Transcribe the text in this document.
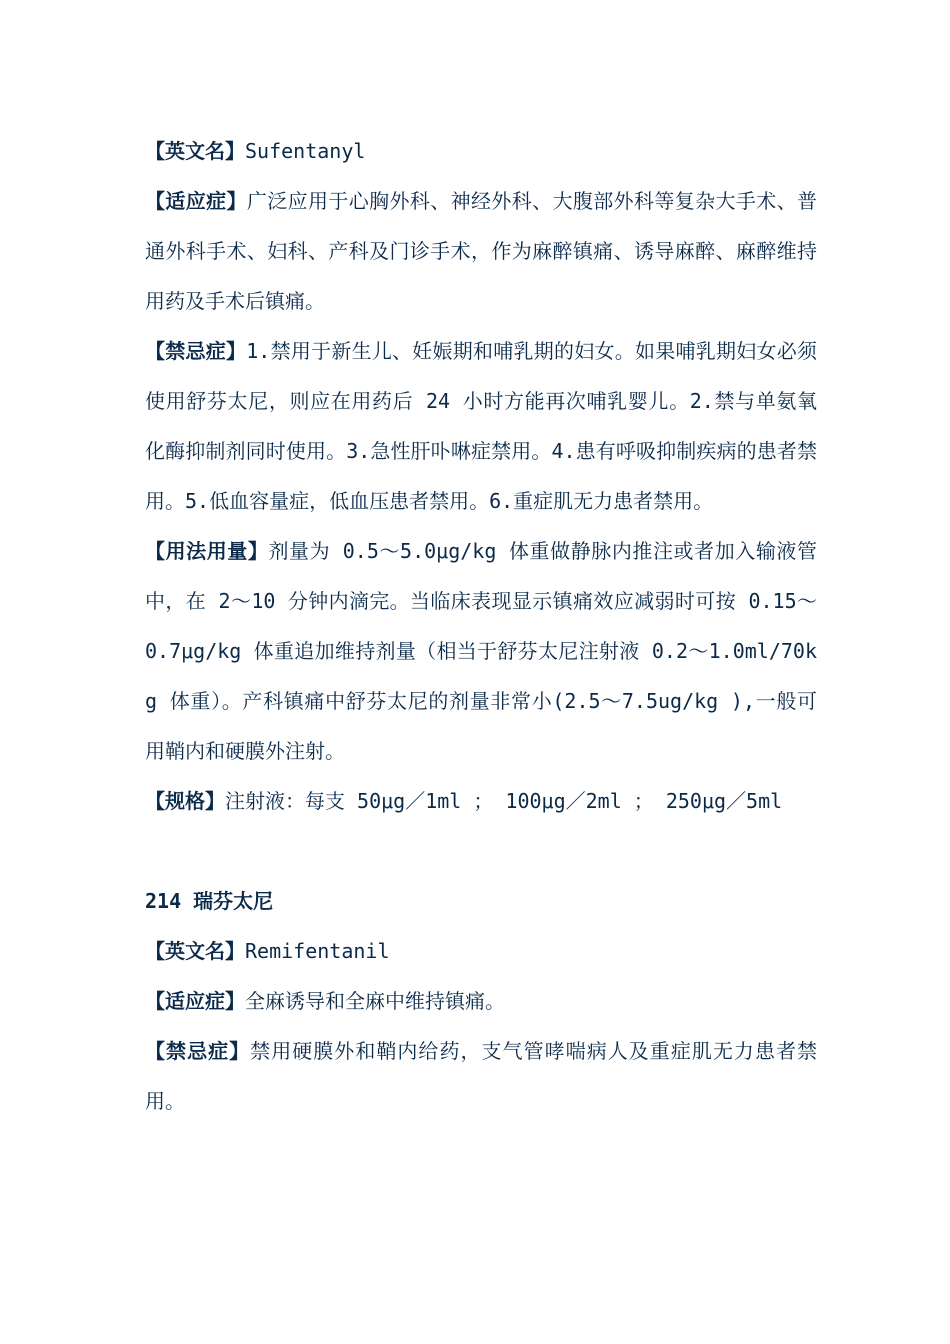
【英文名】Sufentanyl

【适应症】广泛应用于心胸外科、神经外科、大腹部外科等复杂大手术、普通外科手术、妇科、产科及门诊手术，作为麻醉镇痛、诱导麻醉、麻醉维持用药及手术后镇痛。

【禁忌症】1.禁用于新生儿、妊娠期和哺乳期的妇女。如果哺乳期妇女必须使用舒芬太尼，则应在用药后 24 小时方能再次哺乳婴儿。2.禁与单氨氧化酶抑制剂同时使用。3.急性肝卟啉症禁用。4.患有呼吸抑制疾病的患者禁用。5.低血容量症，低血压患者禁用。6.重症肌无力患者禁用。

【用法用量】剂量为 0.5～5.0μg/kg 体重做静脉内推注或者加入输液管中，在 2～10 分钟内滴完。当临床表现显示镇痛效应减弱时可按 0.15～0.7μg/kg 体重追加维持剂量（相当于舒芬太尼注射液 0.2～1.0ml/70kg 体重）。产科镇痛中舒芬太尼的剂量非常小(2.5～7.5ug/kg ),一般可用鞘内和硬膜外注射。

【规格】注射液：每支 50μg／1ml ； 100μg／2ml ； 250μg／5ml

214 瑞芬太尼

【英文名】Remifentanil

【适应症】全麻诱导和全麻中维持镇痛。

【禁忌症】禁用硬膜外和鞘内给药，支气管哮喘病人及重症肌无力患者禁用。
